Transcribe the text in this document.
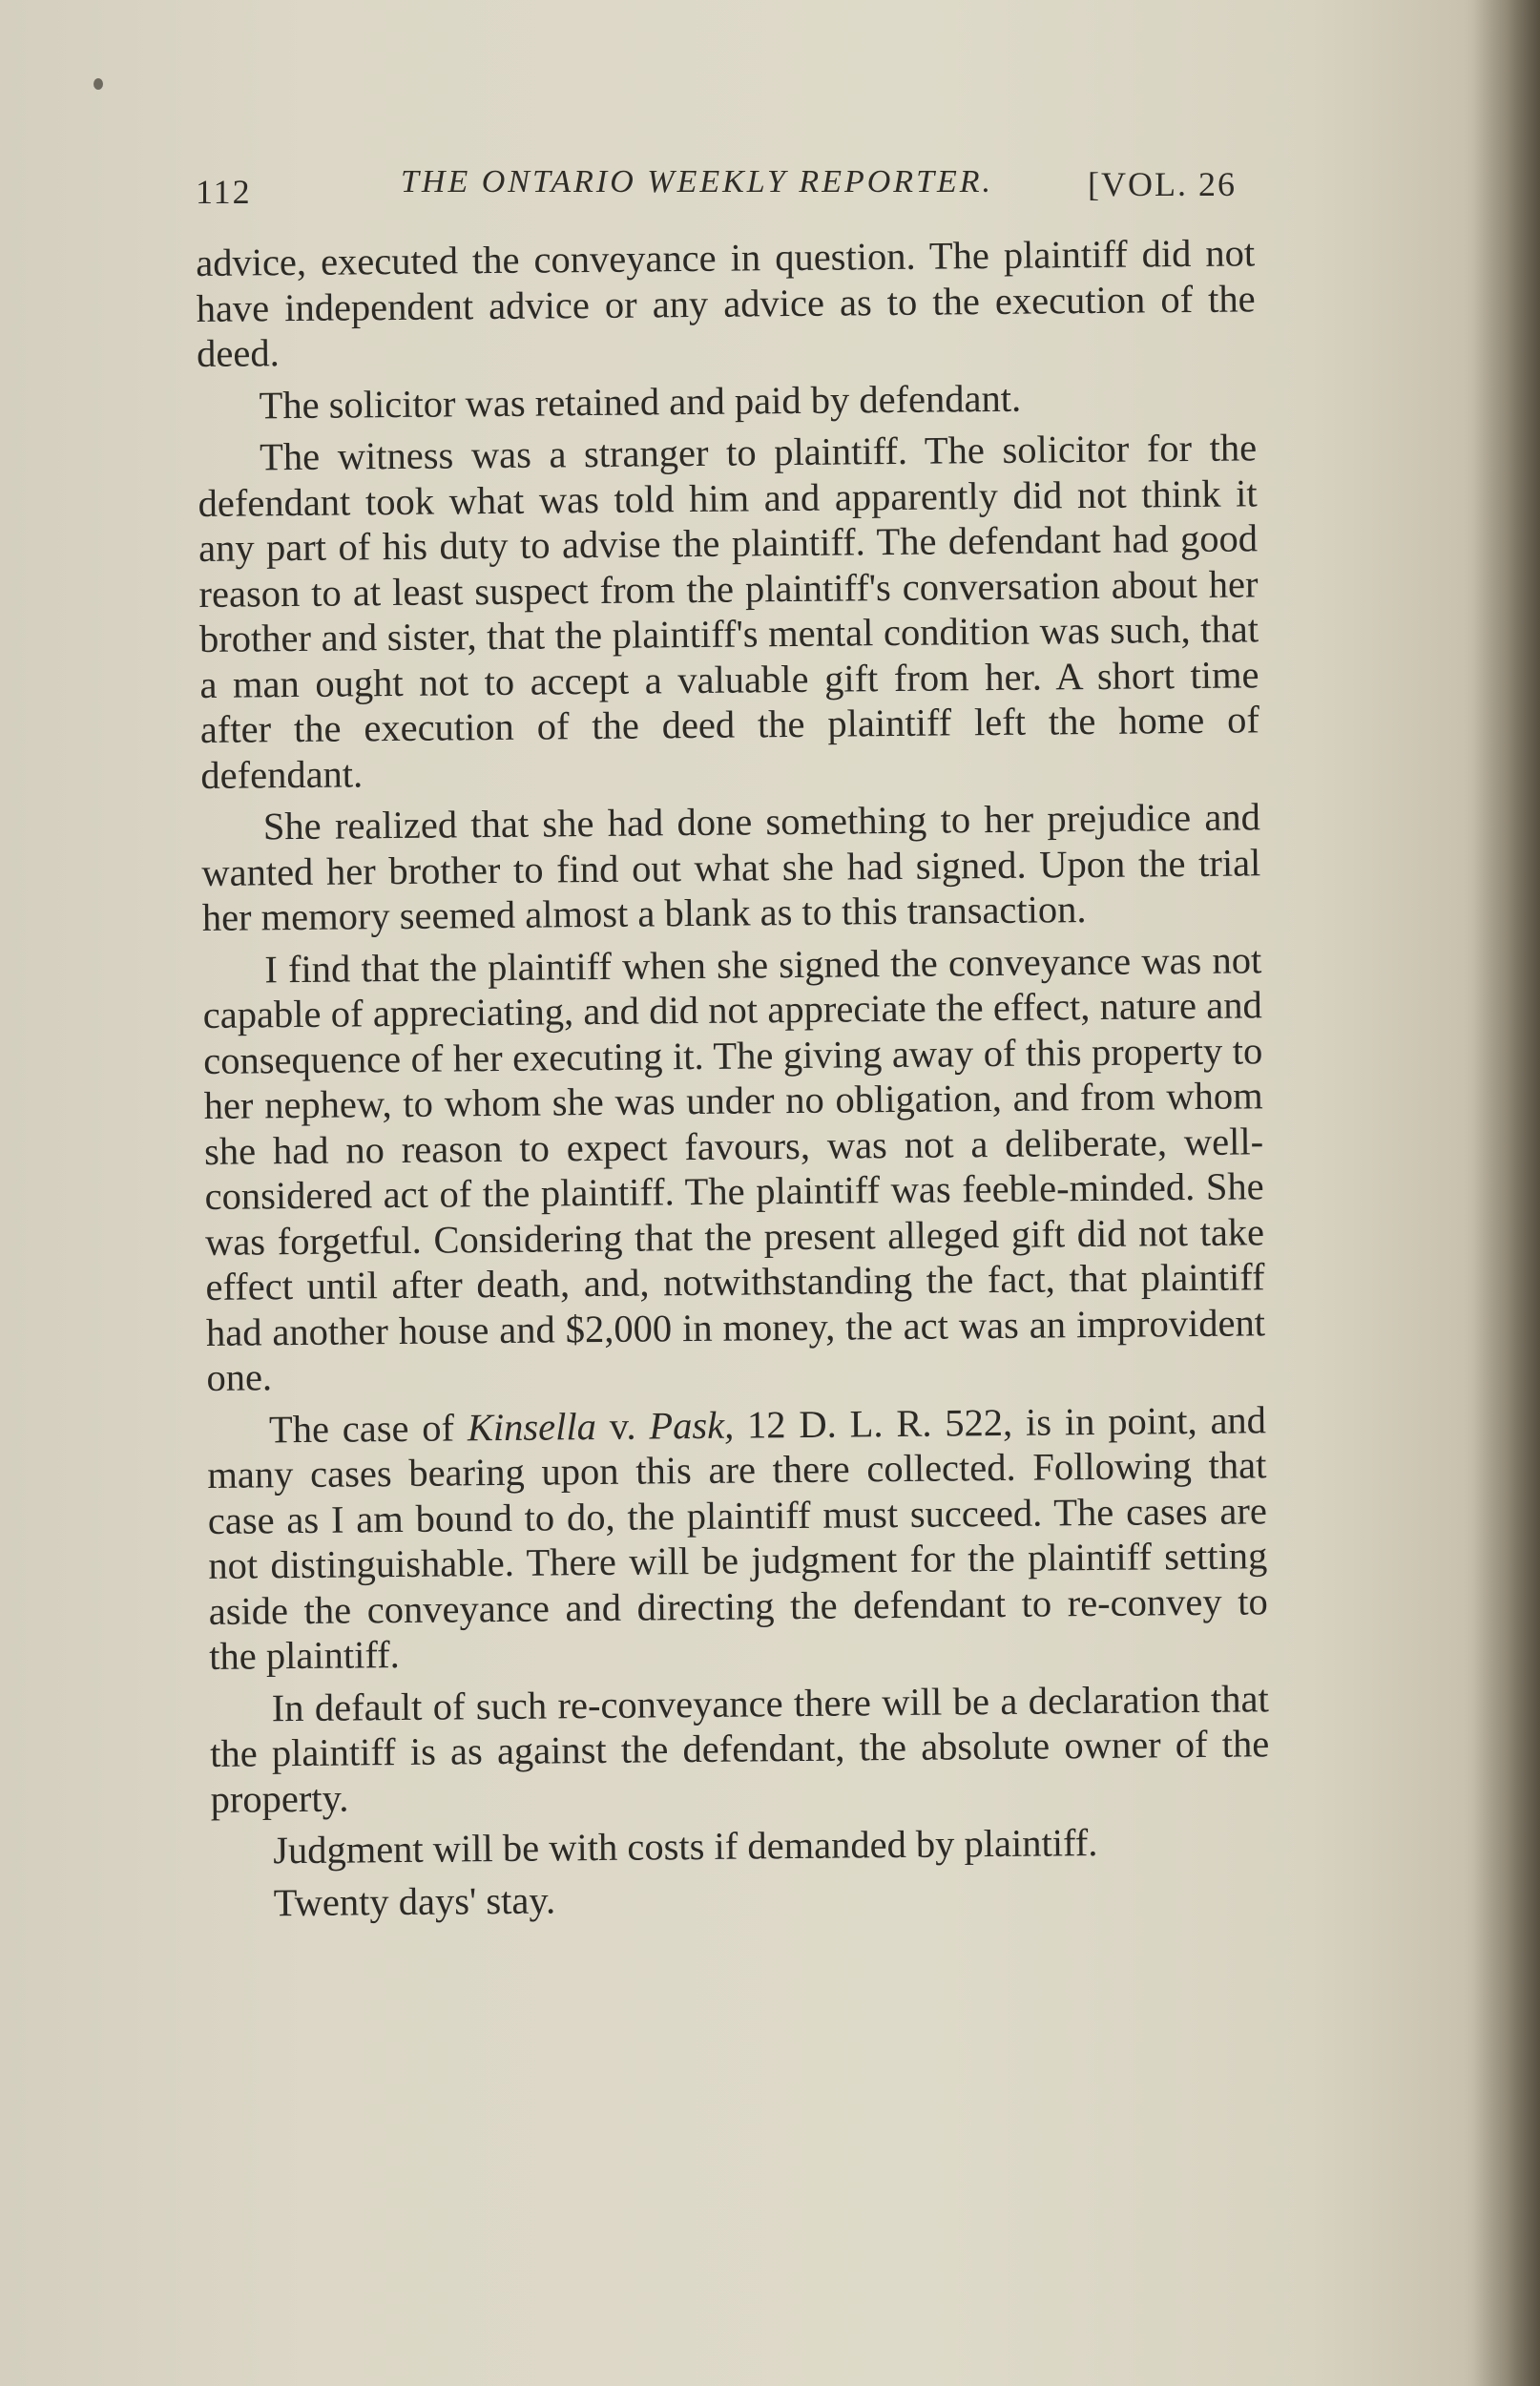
112	THE ONTARIO WEEKLY REPORTER.	[VOL. 26

advice, executed the conveyance in question. The plaintiff did not have independent advice or any advice as to the execution of the deed.

The solicitor was retained and paid by defendant.

The witness was a stranger to plaintiff. The solicitor for the defendant took what was told him and apparently did not think it any part of his duty to advise the plaintiff. The defendant had good reason to at least suspect from the plaintiff's conversation about her brother and sister, that the plaintiff's mental condition was such, that a man ought not to accept a valuable gift from her. A short time after the execution of the deed the plaintiff left the home of defendant.

She realized that she had done something to her prejudice and wanted her brother to find out what she had signed. Upon the trial her memory seemed almost a blank as to this transaction.

I find that the plaintiff when she signed the conveyance was not capable of appreciating, and did not appreciate the effect, nature and consequence of her executing it. The giving away of this property to her nephew, to whom she was under no obligation, and from whom she had no reason to expect favours, was not a deliberate, well-considered act of the plaintiff. The plaintiff was feeble-minded. She was forgetful. Considering that the present alleged gift did not take effect until after death, and, notwithstanding the fact, that plaintiff had another house and $2,000 in money, the act was an improvident one.

The case of Kinsella v. Pask, 12 D. L. R. 522, is in point, and many cases bearing upon this are there collected. Following that case as I am bound to do, the plaintiff must succeed. The cases are not distinguishable. There will be judgment for the plaintiff setting aside the conveyance and directing the defendant to re-convey to the plaintiff.

In default of such re-conveyance there will be a declaration that the plaintiff is as against the defendant, the absolute owner of the property.

Judgment will be with costs if demanded by plaintiff.

Twenty days' stay.
